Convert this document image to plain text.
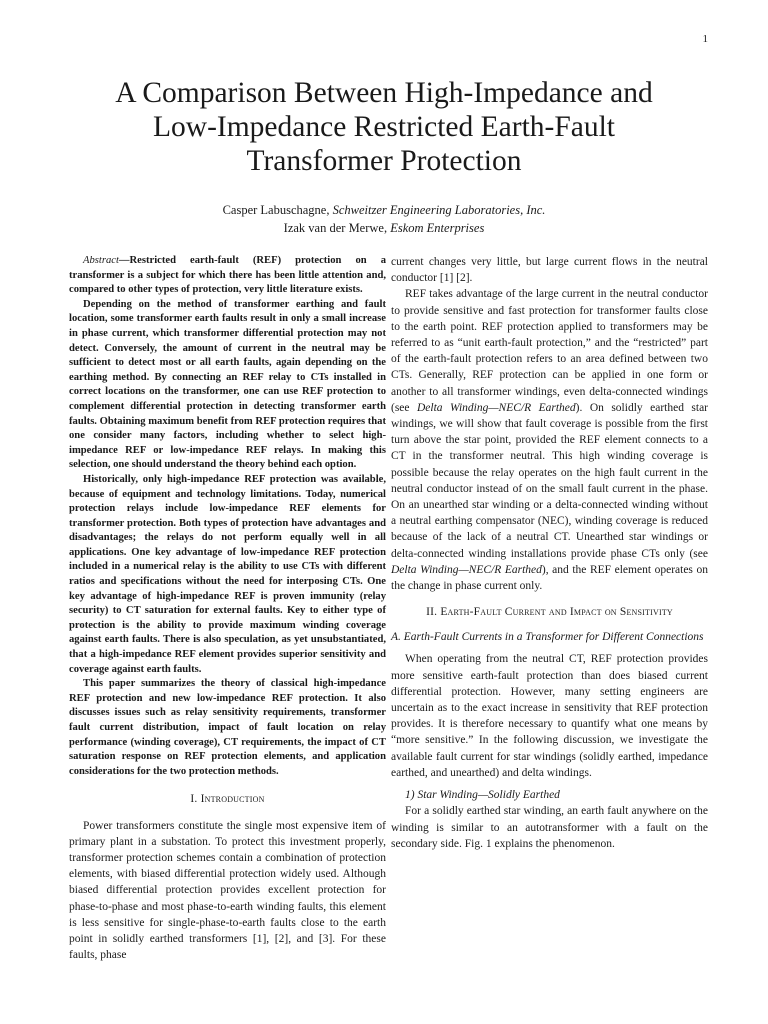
1
A Comparison Between High-Impedance and
Low-Impedance Restricted Earth-Fault
Transformer Protection
Casper Labuschagne, Schweitzer Engineering Laboratories, Inc.
Izak van der Merwe, Eskom Enterprises

Abstract—Restricted earth-fault (REF) protection on a transformer is a subject for which there has been little attention and, compared to other types of protection, very little literature exists.

Depending on the method of transformer earthing and fault location, some transformer earth faults result in only a small increase in phase current, which transformer differential protection may not detect. Conversely, the amount of current in the neutral may be sufficient to detect most or all earth faults, again depending on the earthing method. By connecting an REF relay to CTs installed in correct locations on the transformer, one can use REF protection to complement differential protection in detecting transformer earth faults. Obtaining maximum benefit from REF protection requires that one consider many factors, including whether to select high-impedance REF or low-impedance REF relays. In making this selection, one should understand the theory behind each option.

Historically, only high-impedance REF protection was available, because of equipment and technology limitations. Today, numerical protection relays include low-impedance REF elements for transformer protection. Both types of protection have advantages and disadvantages; the relays do not perform equally well in all applications. One key advantage of low-impedance REF protection included in a numerical relay is the ability to use CTs with different ratios and specifications without the need for interposing CTs. One key advantage of high-impedance REF is proven immunity (relay security) to CT saturation for external faults. Key to either type of protection is the ability to provide maximum winding coverage against earth faults. There is also speculation, as yet unsubstantiated, that a high-impedance REF element provides superior sensitivity and coverage against earth faults.

This paper summarizes the theory of classical high-impedance REF protection and new low-impedance REF protection. It also discusses issues such as relay sensitivity requirements, transformer fault current distribution, impact of fault location on relay performance (winding coverage), CT requirements, the impact of CT saturation response on REF protection elements, and application considerations for the two protection methods.

I. Introduction

Power transformers constitute the single most expensive item of primary plant in a substation. To protect this investment properly, transformer protection schemes contain a combination of protection elements, with biased differential protection widely used. Although biased differential protection provides excellent protection for phase-to-phase and most phase-to-earth winding faults, this element is less sensitive for single-phase-to-earth faults close to the earth point in solidly earthed transformers [1], [2], and [3]. For these faults, phase

current changes very little, but large current flows in the neutral conductor [1] [2].

REF takes advantage of the large current in the neutral conductor to provide sensitive and fast protection for transformer faults close to the earth point. REF protection applied to transformers may be referred to as “unit earth-fault protection,” and the “restricted” part of the earth-fault protection refers to an area defined between two CTs. Generally, REF protection can be applied in one form or another to all transformer windings, even delta-connected windings (see Delta Winding—NEC/R Earthed). On solidly earthed star windings, we will show that fault coverage is possible from the first turn above the star point, provided the REF element connects to a CT in the transformer neutral. This high winding coverage is possible because the relay operates on the high fault current in the neutral conductor instead of on the small fault current in the phase. On an unearthed star winding or a delta-connected winding without a neutral earthing compensator (NEC), winding coverage is reduced because of the lack of a neutral CT. Unearthed star windings or delta-connected winding installations provide phase CTs only (see Delta Winding—NEC/R Earthed), and the REF element operates on the change in phase current only.

II. Earth-Fault Current and Impact on Sensitivity
A. Earth-Fault Currents in a Transformer for Different Connections

When operating from the neutral CT, REF protection provides more sensitive earth-fault protection than does biased current differential protection. However, many setting engineers are uncertain as to the exact increase in sensitivity that REF protection provides. It is therefore necessary to quantify what one means by “more sensitive.” In the following discussion, we investigate the available fault current for star windings (solidly earthed, impedance earthed, and unearthed) and delta windings.

1) Star Winding—Solidly Earthed

For a solidly earthed star winding, an earth fault anywhere on the winding is similar to an autotransformer with a fault on the secondary side. Fig. 1 explains the phenomenon.
